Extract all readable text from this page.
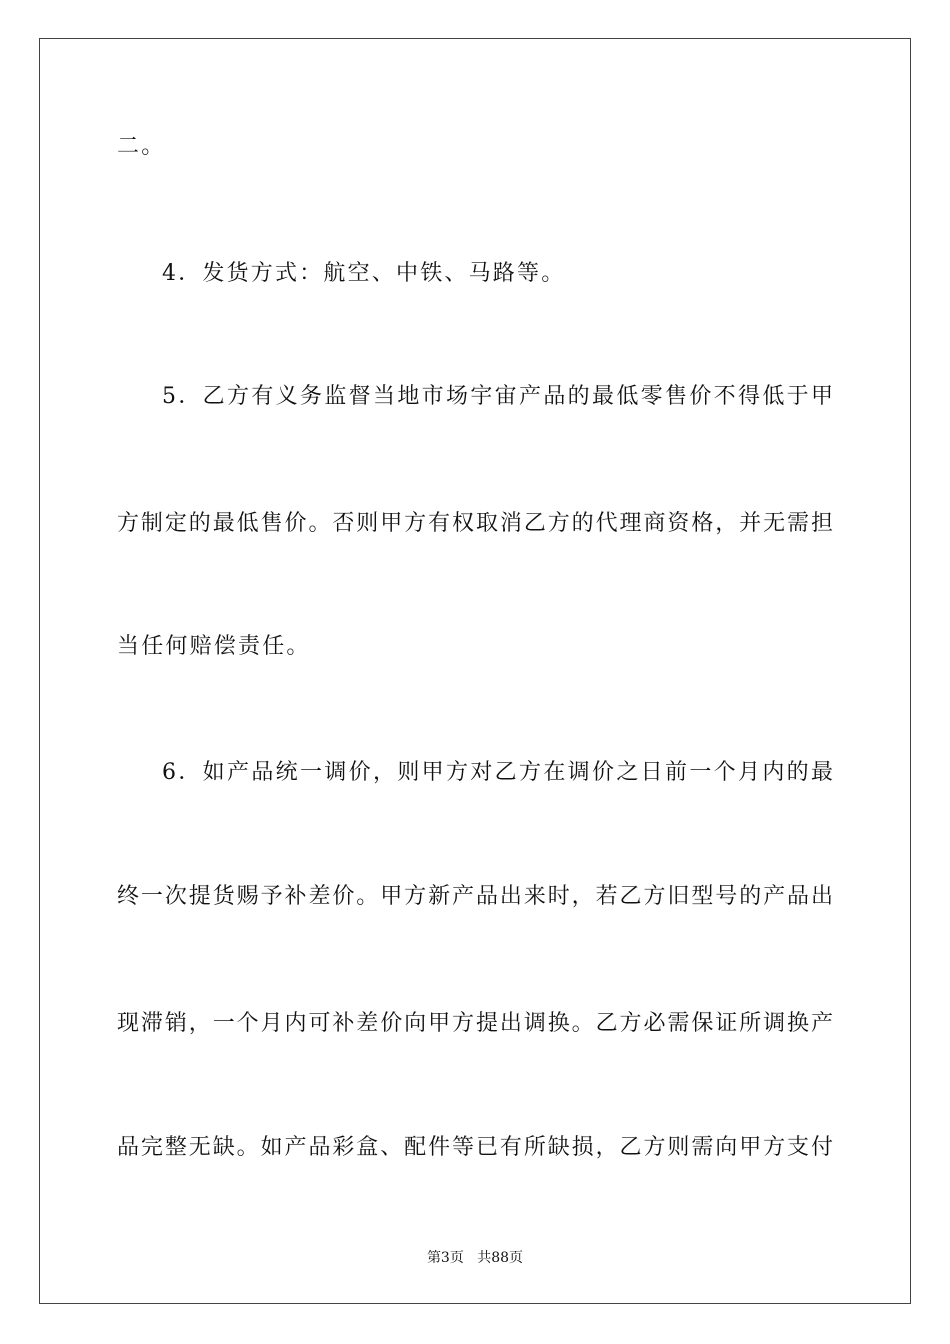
二。
4．发货方式：航空、中铁、马路等。
5．乙方有义务监督当地市场宇宙产品的最低零售价不得低于甲
方制定的最低售价。否则甲方有权取消乙方的代理商资格，并无需担
当任何赔偿责任。
6．如产品统一调价，则甲方对乙方在调价之日前一个月内的最
终一次提货赐予补差价。甲方新产品出来时，若乙方旧型号的产品出
现滞销，一个月内可补差价向甲方提出调换。乙方必需保证所调换产
品完整无缺。如产品彩盒、配件等已有所缺损，乙方则需向甲方支付
第3页 共88页
